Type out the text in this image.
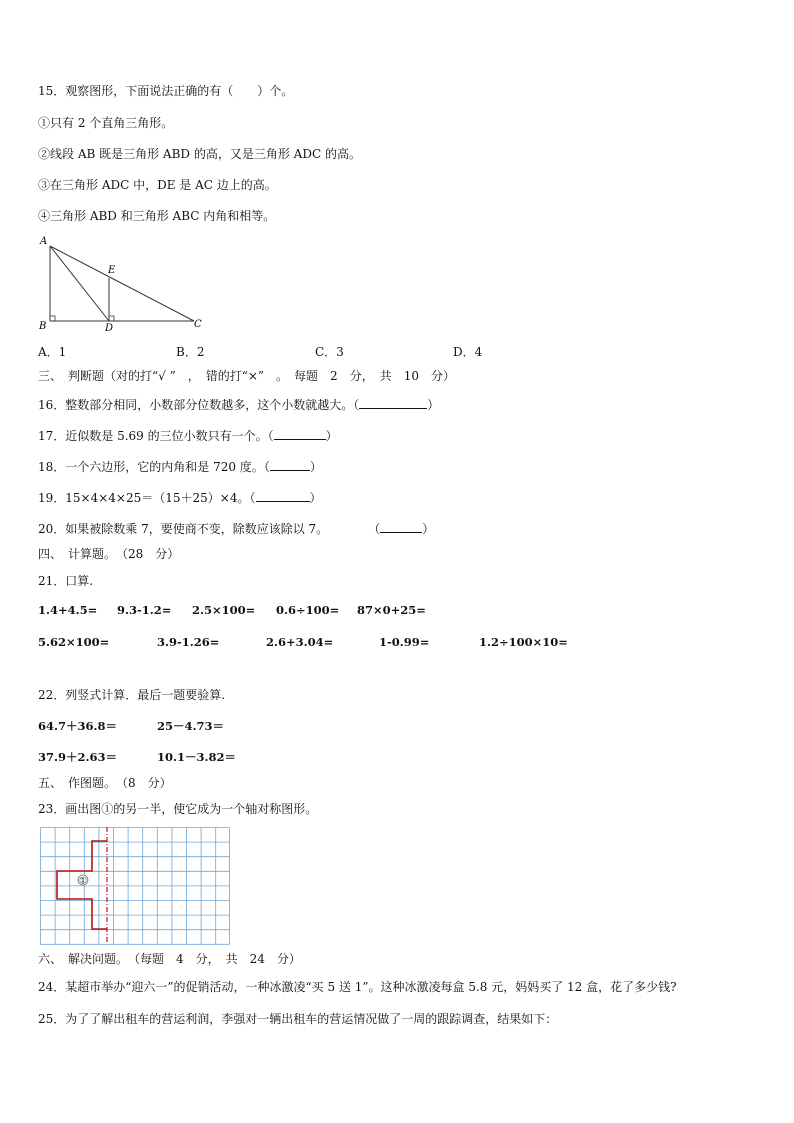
15．观察图形，下面说法正确的有（　　）个。
①只有 2 个直角三角形。
②线段 AB 既是三角形 ABD 的高，又是三角形 ADC 的高。
③在三角形 ADC 中，DE 是 AC 边上的高。
④三角形 ABD 和三角形 ABC 内角和相等。
A
B	C
D
E
A．1	B．2	C．3	D．4
三、　判断题（对的打“√ ”　，　错的打“×”　。　每题　2　分，　共　10　分）
16．整数部分相同，小数部分位数越多，这个小数就越大。（	）
17．近似数是 5.69 的三位小数只有一个。（	）
18．一个六边形，它的内角和是 720 度。（	）
19．15×4×4×25＝（15＋25）×4。（	）
20．如果被除数乘 7，要使商不变，除数应该除以 7。	（	）
四、　计算题。　（28　分）
21．口算.
1.4+4.5= 9.3-1.2= 2.5×100= 0.6÷100= 87×0+25=
5.62×100=	3.9-1.26=	2.6+3.04=	1-0.99=	1.2÷100×10=
22．列竖式计算．最后一题要验算.
64.7＋36.8＝	25－4.73＝
37.9＋2.63＝	10.1－3.82＝
五、　作图题。　（8　分）
23．画出图①的另一半，使它成为一个轴对称图形。
①
六、　解决问题。　（每题　4　分，　共　24　分）
24．某超市举办“迎六一”的促销活动，一种冰激凌“买 5 送 1”。这种冰激凌每盒 5.8 元，妈妈买了 12 盒，花了多少钱?
25．为了了解出租车的营运利润，李强对一辆出租车的营运情况做了一周的跟踪调查，结果如下：
